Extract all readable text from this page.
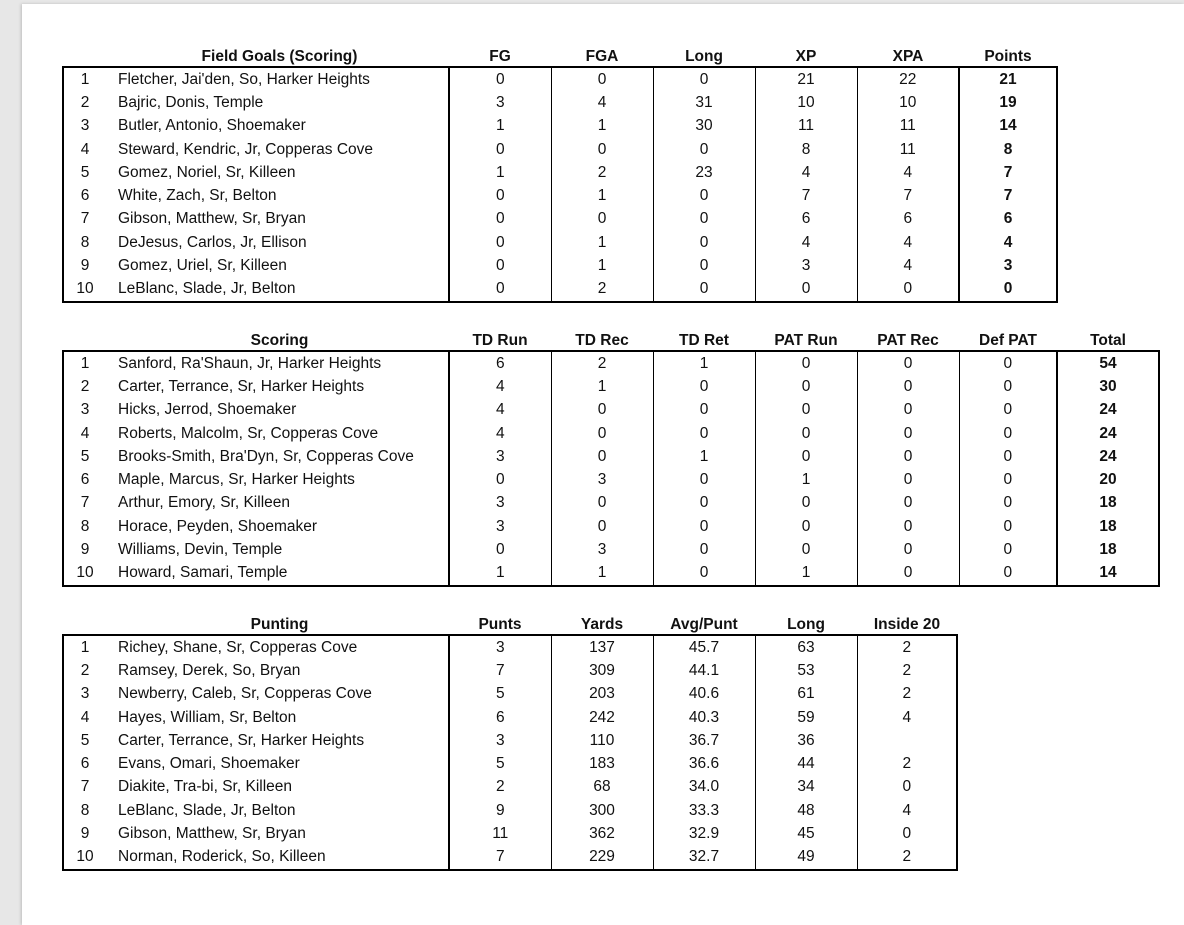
	Field Goals (Scoring)	FG	FGA	Long	XP	XPA	Points
1	Fletcher, Jai'den, So, Harker Heights	0	0	0	21	22	21
2	Bajric, Donis, Temple	3	4	31	10	10	19
3	Butler, Antonio, Shoemaker	1	1	30	11	11	14
4	Steward, Kendric, Jr, Copperas Cove	0	0	0	8	11	8
5	Gomez, Noriel, Sr, Killeen	1	2	23	4	4	7
6	White, Zach, Sr, Belton	0	1	0	7	7	7
7	Gibson, Matthew, Sr, Bryan	0	0	0	6	6	6
8	DeJesus, Carlos, Jr, Ellison	0	1	0	4	4	4
9	Gomez, Uriel, Sr, Killeen	0	1	0	3	4	3
10	LeBlanc, Slade, Jr, Belton	0	2	0	0	0	0
	Scoring	TD Run	TD Rec	TD Ret	PAT Run	PAT Rec	Def PAT	Total
1	Sanford, Ra'Shaun, Jr, Harker Heights	6	2	1	0	0	0	54
2	Carter, Terrance, Sr, Harker Heights	4	1	0	0	0	0	30
3	Hicks, Jerrod, Shoemaker	4	0	0	0	0	0	24
4	Roberts, Malcolm, Sr, Copperas Cove	4	0	0	0	0	0	24
5	Brooks-Smith, Bra'Dyn, Sr, Copperas Cove	3	0	1	0	0	0	24
6	Maple, Marcus, Sr, Harker Heights	0	3	0	1	0	0	20
7	Arthur, Emory, Sr, Killeen	3	0	0	0	0	0	18
8	Horace, Peyden, Shoemaker	3	0	0	0	0	0	18
9	Williams, Devin, Temple	0	3	0	0	0	0	18
10	Howard, Samari, Temple	1	1	0	1	0	0	14
	Punting	Punts	Yards	Avg/Punt	Long	Inside 20
1	Richey, Shane, Sr, Copperas Cove	3	137	45.7	63	2
2	Ramsey, Derek, So, Bryan	7	309	44.1	53	2
3	Newberry, Caleb, Sr, Copperas Cove	5	203	40.6	61	2
4	Hayes, William, Sr, Belton	6	242	40.3	59	4
5	Carter, Terrance, Sr, Harker Heights	3	110	36.7	36	
6	Evans, Omari, Shoemaker	5	183	36.6	44	2
7	Diakite, Tra-bi, Sr, Killeen	2	68	34.0	34	0
8	LeBlanc, Slade, Jr, Belton	9	300	33.3	48	4
9	Gibson, Matthew, Sr, Bryan	11	362	32.9	45	0
10	Norman, Roderick, So, Killeen	7	229	32.7	49	2
